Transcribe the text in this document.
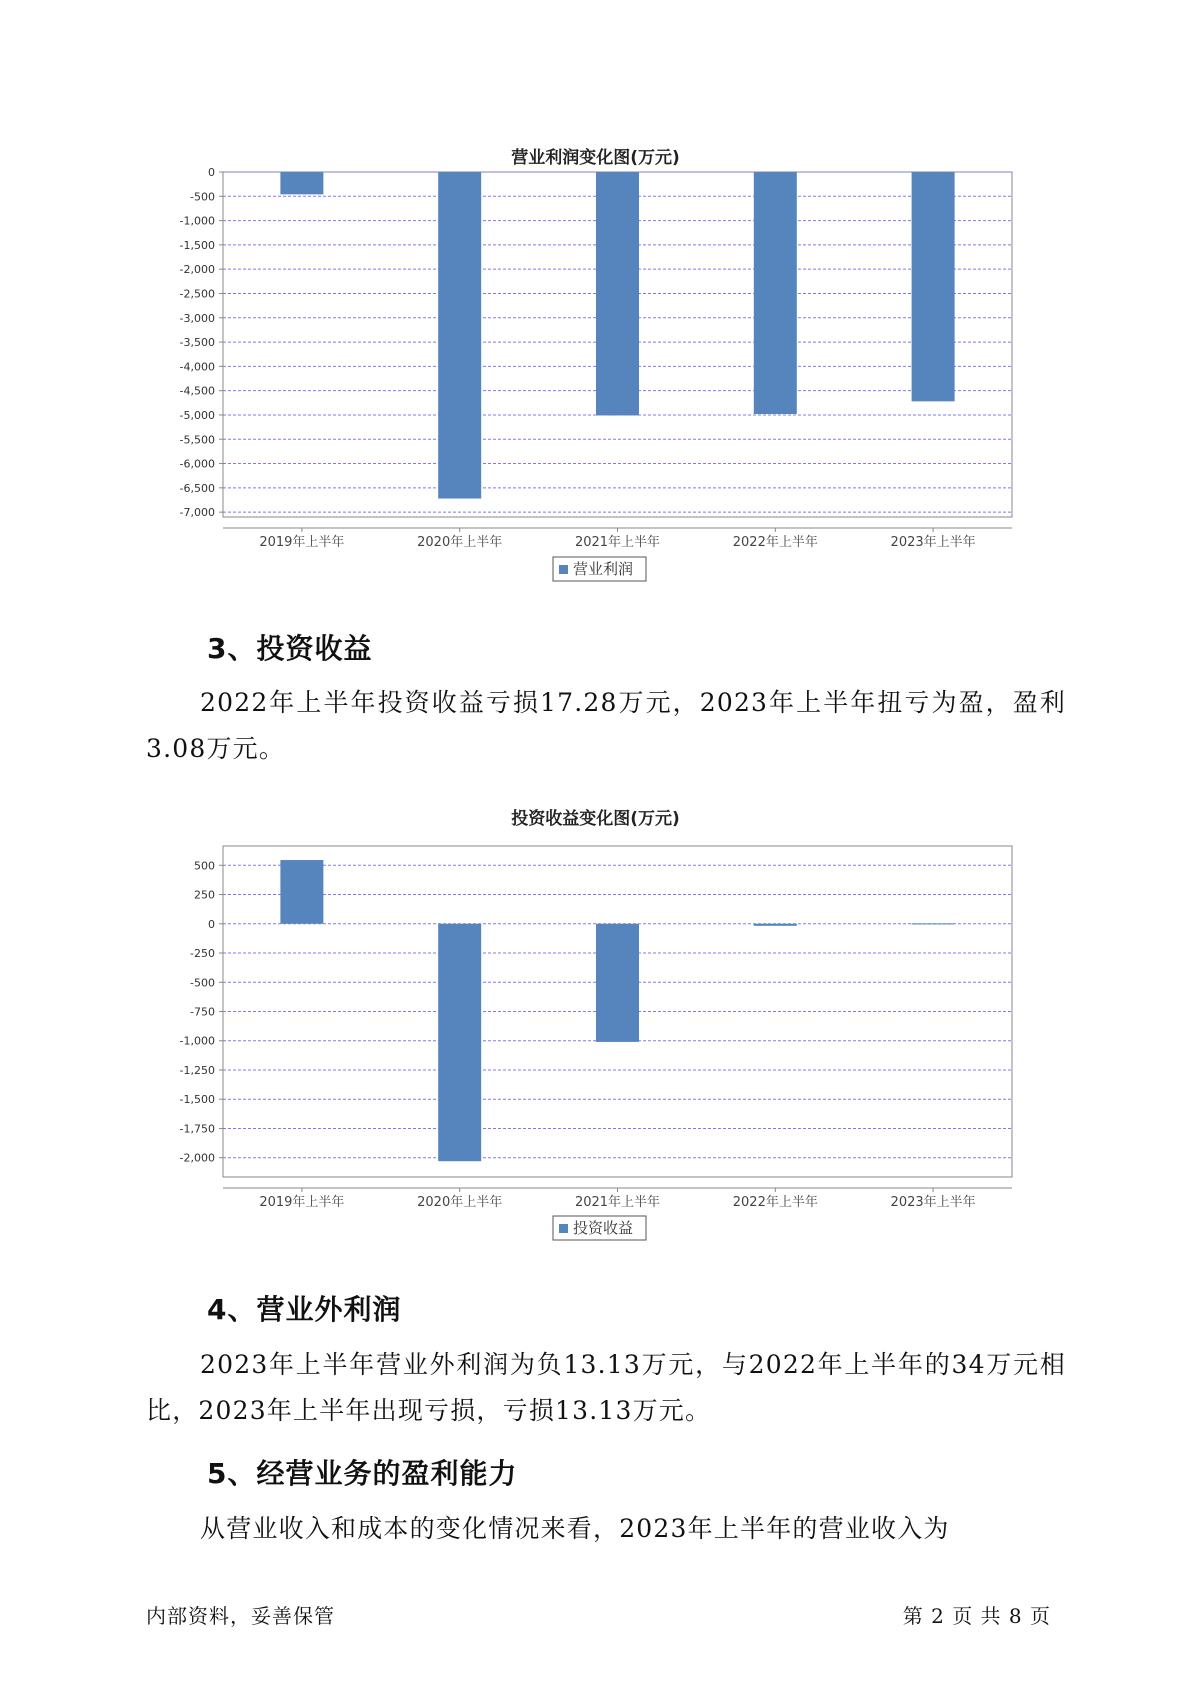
营业利润变化图(万元)
0
-500
-1,000
-1,500
-2,000
-2,500
-3,000
-3,500
-4,000
-4,500
-5,000
-5,500
-6,000
-6,500
-7,000
2019年上半年	2020年上半年	2021年上半年	2022年上半年	2023年上半年
营业利润
3、投资收益
2022年上半年投资收益亏损17.28万元，2023年上半年扭亏为盈，盈利3.08万元。
投资收益变化图(万元)
500
250
0
-250
-500
-750
-1,000
-1,250
-1,500
-1,750
-2,000
2019年上半年	2020年上半年	2021年上半年	2022年上半年	2023年上半年
投资收益
4、营业外利润
2023年上半年营业外利润为负13.13万元，与2022年上半年的34万元相比，2023年上半年出现亏损，亏损13.13万元。
5、经营业务的盈利能力
从营业收入和成本的变化情况来看，2023年上半年的营业收入为
内部资料，妥善保管	第 2 页 共 8 页
